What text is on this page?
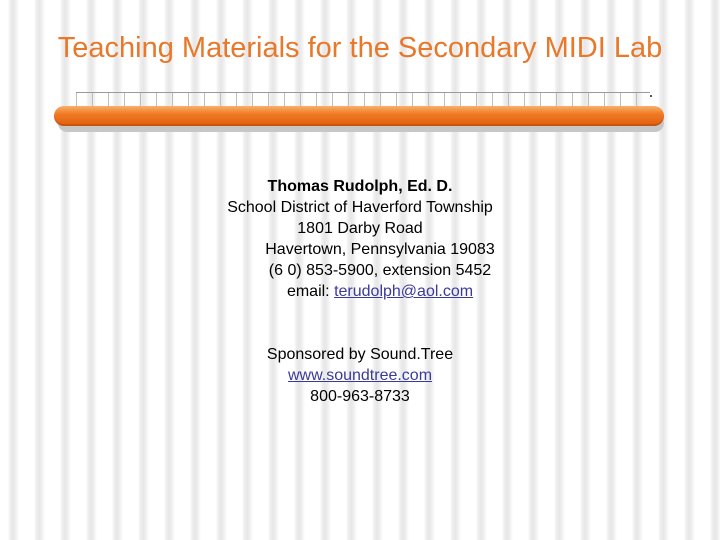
Teaching Materials for the Secondary MIDI Lab
Thomas Rudolph, Ed. D.
School District of Haverford Township
1801 Darby Road
Havertown, Pennsylvania 19083
(6 0) 853-5900, extension 5452
email: terudolph@aol.com
Sponsored by Sound.Tree
www.soundtree.com
800-963-8733
